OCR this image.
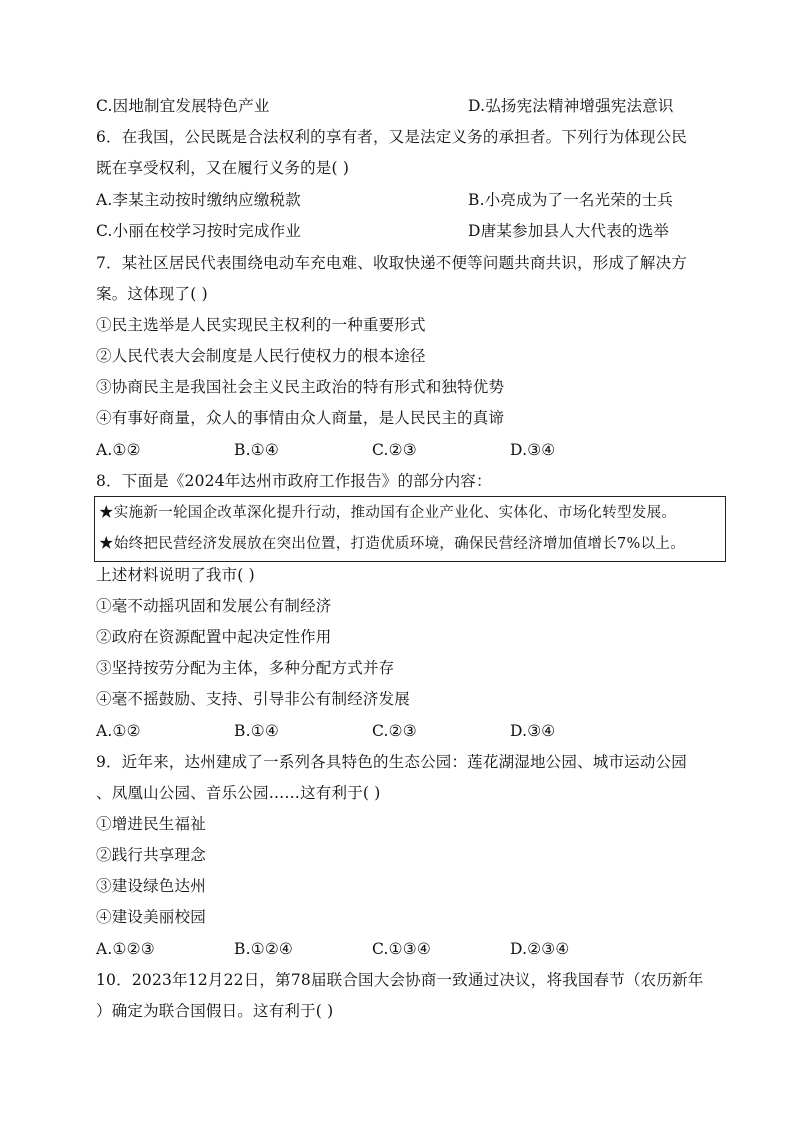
C.因地制宜发展特色产业	D.弘扬宪法精神增强宪法意识
6．在我国，公民既是合法权利的享有者，又是法定义务的承担者。下列行为体现公民
既在享受权利，又在履行义务的是( )
A.李某主动按时缴纳应缴税款	B.小亮成为了一名光荣的士兵
C.小丽在校学习按时完成作业	D唐某参加县人大代表的选举
7．某社区居民代表围绕电动车充电难、收取快递不便等问题共商共识，形成了解决方
案。这体现了( )
①民主选举是人民实现民主权利的一种重要形式
②人民代表大会制度是人民行使权力的根本途径
③协商民主是我国社会主义民主政治的特有形式和独特优势
④有事好商量，众人的事情由众人商量，是人民民主的真谛
A.①②	B.①④	C.②③	D.③④
8．下面是《2024年达州市政府工作报告》的部分内容：
★实施新一轮国企改革深化提升行动，推动国有企业产业化、实体化、市场化转型发展。
★始终把民营经济发展放在突出位置，打造优质环境，确保民营经济增加值增长7%以上。
上述材料说明了我市( )
①毫不动摇巩固和发展公有制经济
②政府在资源配置中起决定性作用
③坚持按劳分配为主体，多种分配方式并存
④毫不摇鼓励、支持、引导非公有制经济发展
A.①②	B.①④	C.②③	D.③④
9．近年来，达州建成了一系列各具特色的生态公园：莲花湖湿地公园、城市运动公园
、凤凰山公园、音乐公园……这有利于( )
①增进民生福祉
②践行共享理念
③建设绿色达州
④建设美丽校园
A.①②③	B.①②④	C.①③④	D.②③④
10．2023年12月22日，第78届联合国大会协商一致通过决议，将我国春节（农历新年
）确定为联合国假日。这有利于( )
